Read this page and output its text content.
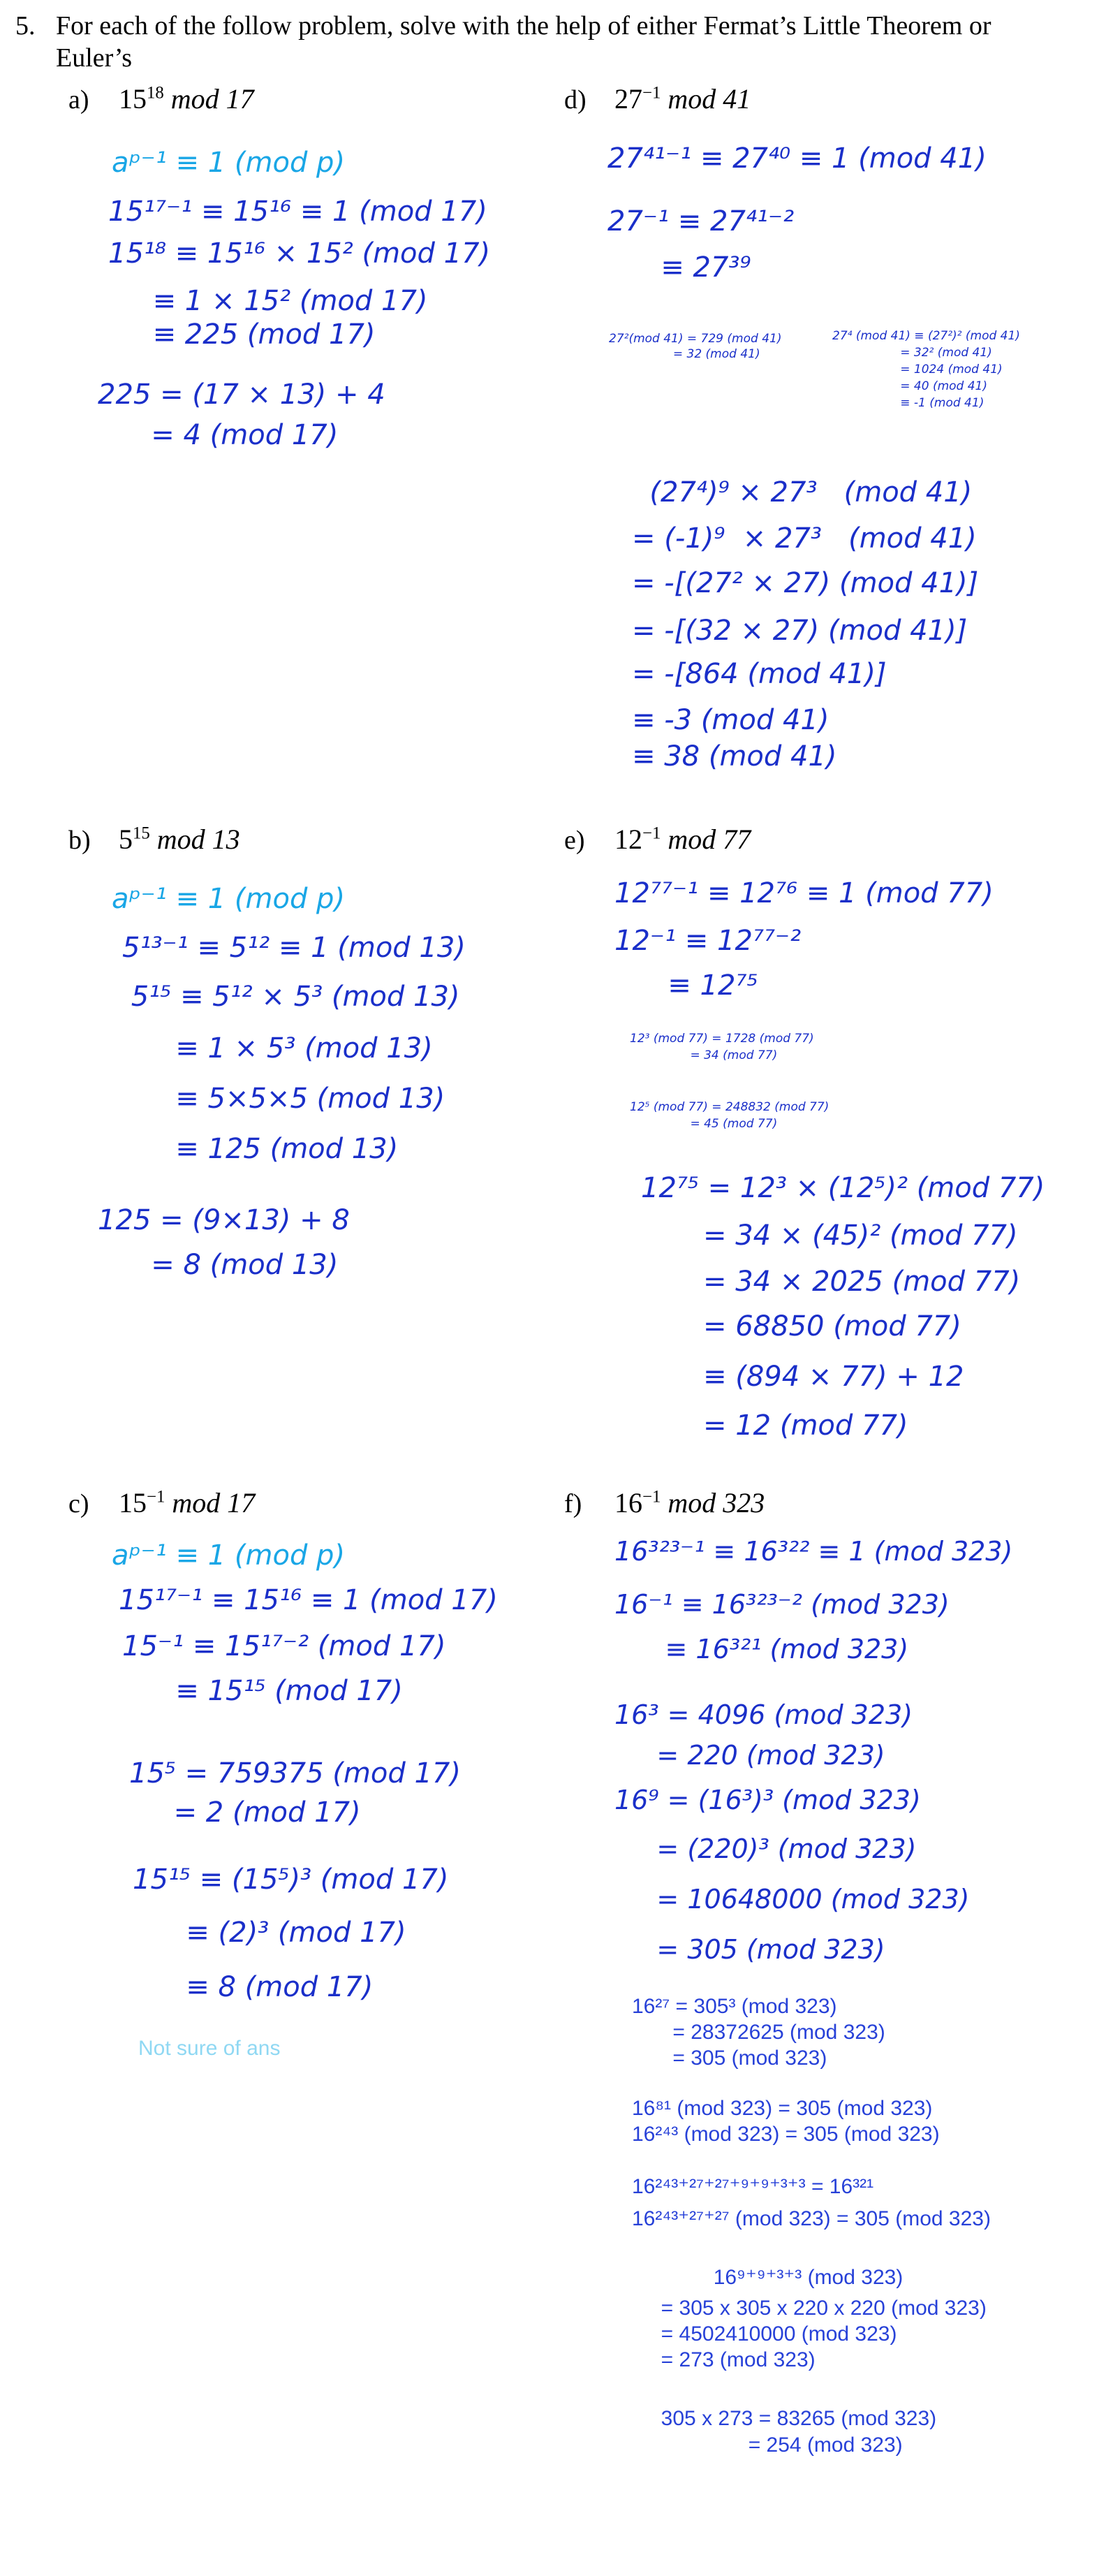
5. For each of the follow problem, solve with the help of either Fermat’s Little Theorem or
Euler’s
a) $15^{18}$ mod 17	d) $27^{-1}$ mod 41
b) $5^{15}$ mod 13	e) $12^{-1}$ mod 77
c) $15^{-1}$ mod 17	f) $16^{-1}$ mod 323
aᵖ⁻¹ ≡ 1 (mod p)
15¹⁷⁻¹ ≡ 15¹⁶ ≡ 1 (mod 17)
15¹⁸ ≡ 15¹⁶ × 15² (mod 17)
≡ 1 × 15² (mod 17)
≡ 225 (mod 17)
225 = (17 × 13) + 4
= 4 (mod 17)
27⁴¹⁻¹ ≡ 27⁴⁰ ≡ 1 (mod 41)
27⁻¹ ≡ 27⁴¹⁻²
≡ 27³⁹
27²(mod 41) = 729 (mod 41)
= 32 (mod 41)
27⁴ (mod 41) ≡ (27²)² (mod 41)
= 32² (mod 41)
= 1024 (mod 41)
= 40 (mod 41)
≡ -1 (mod 41)
(27⁴)⁹ × 27³   (mod 41)
= (-1)⁹  × 27³   (mod 41)
= -[(27² × 27) (mod 41)]
= -[(32 × 27) (mod 41)]
= -[864 (mod 41)]
≡ -3 (mod 41)
≡ 38 (mod 41)
aᵖ⁻¹ ≡ 1 (mod p)
5¹³⁻¹ ≡ 5¹² ≡ 1 (mod 13)
5¹⁵ ≡ 5¹² × 5³ (mod 13)
≡ 1 × 5³ (mod 13)
≡ 5×5×5 (mod 13)
≡ 125 (mod 13)
125 = (9×13) + 8
= 8 (mod 13)
12⁷⁷⁻¹ ≡ 12⁷⁶ ≡ 1 (mod 77)
12⁻¹ ≡ 12⁷⁷⁻²
≡ 12⁷⁵
12³ (mod 77) = 1728 (mod 77)
= 34 (mod 77)
12⁵ (mod 77) = 248832 (mod 77)
= 45 (mod 77)
12⁷⁵ = 12³ × (12⁵)² (mod 77)
= 34 × (45)² (mod 77)
= 34 × 2025 (mod 77)
= 68850 (mod 77)
≡ (894 × 77) + 12
= 12 (mod 77)
aᵖ⁻¹ ≡ 1 (mod p)
15¹⁷⁻¹ ≡ 15¹⁶ ≡ 1 (mod 17)
15⁻¹ ≡ 15¹⁷⁻² (mod 17)
≡ 15¹⁵ (mod 17)
15⁵ = 759375 (mod 17)
= 2 (mod 17)
15¹⁵ ≡ (15⁵)³ (mod 17)
≡ (2)³ (mod 17)
≡ 8 (mod 17)
Not sure of ans
16³²³⁻¹ ≡ 16³²² ≡ 1 (mod 323)
16⁻¹ ≡ 16³²³⁻² (mod 323)
≡ 16³²¹ (mod 323)
16³ = 4096 (mod 323)
= 220 (mod 323)
16⁹ = (16³)³ (mod 323)
= (220)³ (mod 323)
= 10648000 (mod 323)
= 305 (mod 323)
16²⁷ = 305³ (mod 323)
= 28372625 (mod 323)
= 305 (mod 323)
16⁸¹ (mod 323) = 305 (mod 323)
16²⁴³ (mod 323) = 305 (mod 323)
16²⁴³⁺²⁷⁺²⁷⁺⁹⁺⁹⁺³⁺³ = 16³²¹
16²⁴³⁺²⁷⁺²⁷ (mod 323) = 305 (mod 323)
16⁹⁺⁹⁺³⁺³ (mod 323)
= 305 x 305 x 220 x 220 (mod 323)
= 4502410000 (mod 323)
= 273 (mod 323)
305 x 273 = 83265 (mod 323)
= 254 (mod 323)
